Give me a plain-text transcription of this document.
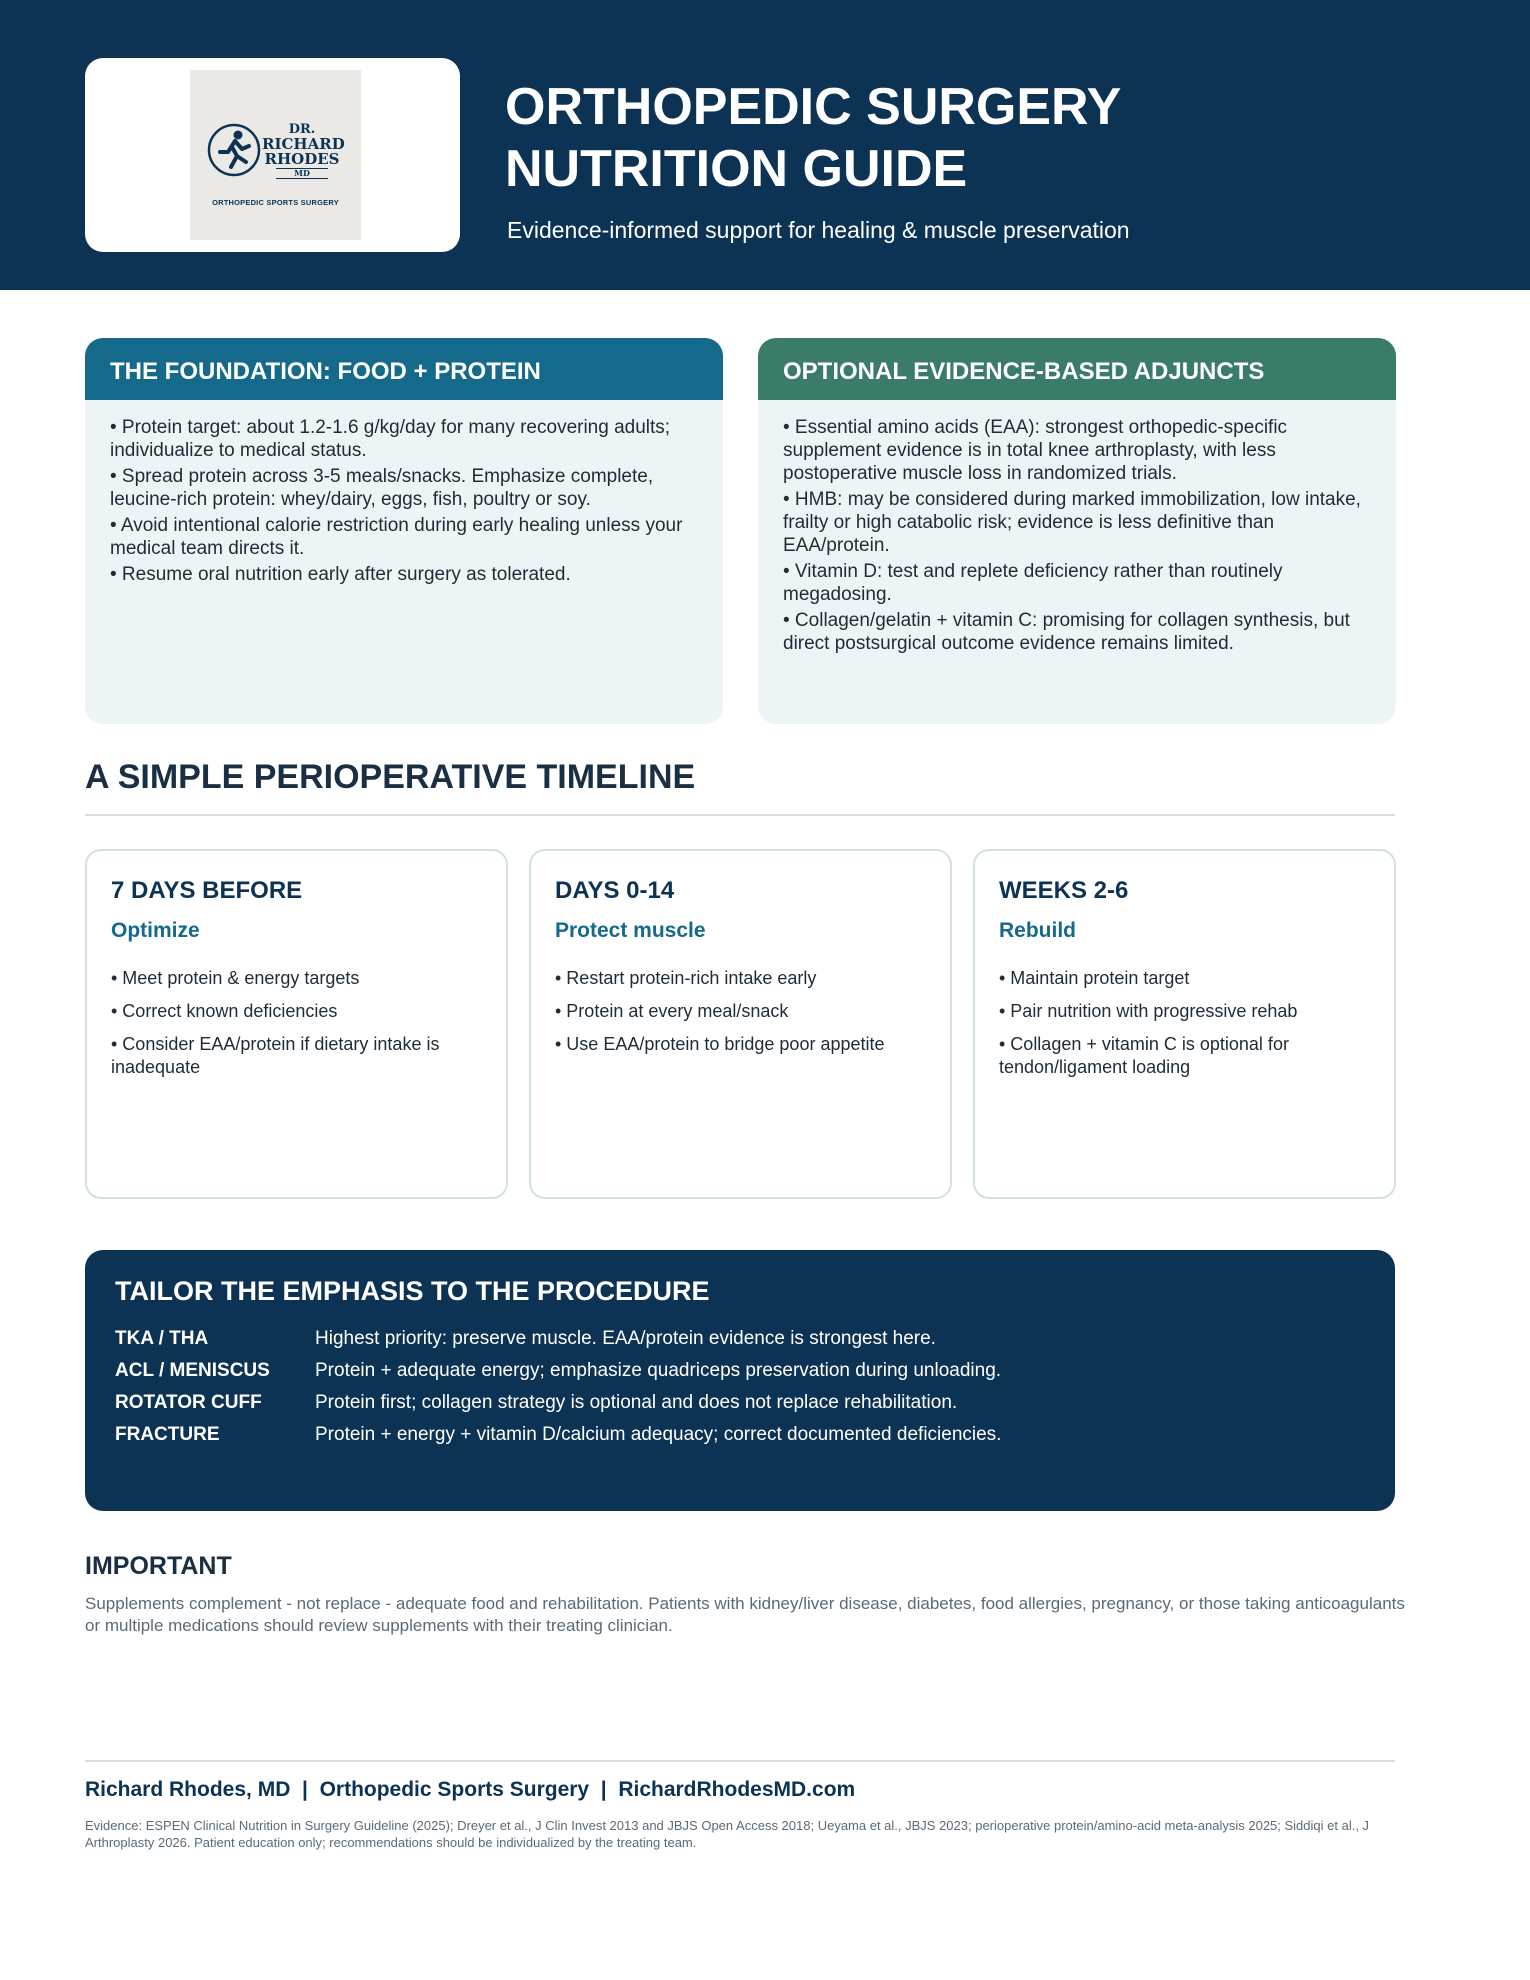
DR.
RICHARD
RHODES
MD
ORTHOPEDIC SPORTS SURGERY
ORTHOPEDIC SURGERY
NUTRITION GUIDE
Evidence-informed support for healing & muscle preservation
THE FOUNDATION: FOOD + PROTEIN
• Protein target: about 1.2-1.6 g/kg/day for many recovering adults; individualize to medical status.
• Spread protein across 3-5 meals/snacks. Emphasize complete, leucine-rich protein: whey/dairy, eggs, fish, poultry or soy.
• Avoid intentional calorie restriction during early healing unless your medical team directs it.
• Resume oral nutrition early after surgery as tolerated.
OPTIONAL EVIDENCE-BASED ADJUNCTS
• Essential amino acids (EAA): strongest orthopedic-specific supplement evidence is in total knee arthroplasty, with less postoperative muscle loss in randomized trials.
• HMB: may be considered during marked immobilization, low intake, frailty or high catabolic risk; evidence is less definitive than EAA/protein.
• Vitamin D: test and replete deficiency rather than routinely megadosing.
• Collagen/gelatin + vitamin C: promising for collagen synthesis, but direct postsurgical outcome evidence remains limited.
A SIMPLE PERIOPERATIVE TIMELINE
7 DAYS BEFORE
Optimize
• Meet protein & energy targets
• Correct known deficiencies
• Consider EAA/protein if dietary intake is inadequate
DAYS 0-14
Protect muscle
• Restart protein-rich intake early
• Protein at every meal/snack
• Use EAA/protein to bridge poor appetite
WEEKS 2-6
Rebuild
• Maintain protein target
• Pair nutrition with progressive rehab
• Collagen + vitamin C is optional for tendon/ligament loading
TAILOR THE EMPHASIS TO THE PROCEDURE
TKA / THA	Highest priority: preserve muscle. EAA/protein evidence is strongest here.
ACL / MENISCUS	Protein + adequate energy; emphasize quadriceps preservation during unloading.
ROTATOR CUFF	Protein first; collagen strategy is optional and does not replace rehabilitation.
FRACTURE	Protein + energy + vitamin D/calcium adequacy; correct documented deficiencies.
IMPORTANT
Supplements complement - not replace - adequate food and rehabilitation. Patients with kidney/liver disease, diabetes, food allergies, pregnancy, or those taking anticoagulants or multiple medications should review supplements with their treating clinician.
Richard Rhodes, MD  |  Orthopedic Sports Surgery  |  RichardRhodesMD.com
Evidence: ESPEN Clinical Nutrition in Surgery Guideline (2025); Dreyer et al., J Clin Invest 2013 and JBJS Open Access 2018; Ueyama et al., JBJS 2023; perioperative protein/amino-acid meta-analysis 2025; Siddiqi et al., J Arthroplasty 2026. Patient education only; recommendations should be individualized by the treating team.
